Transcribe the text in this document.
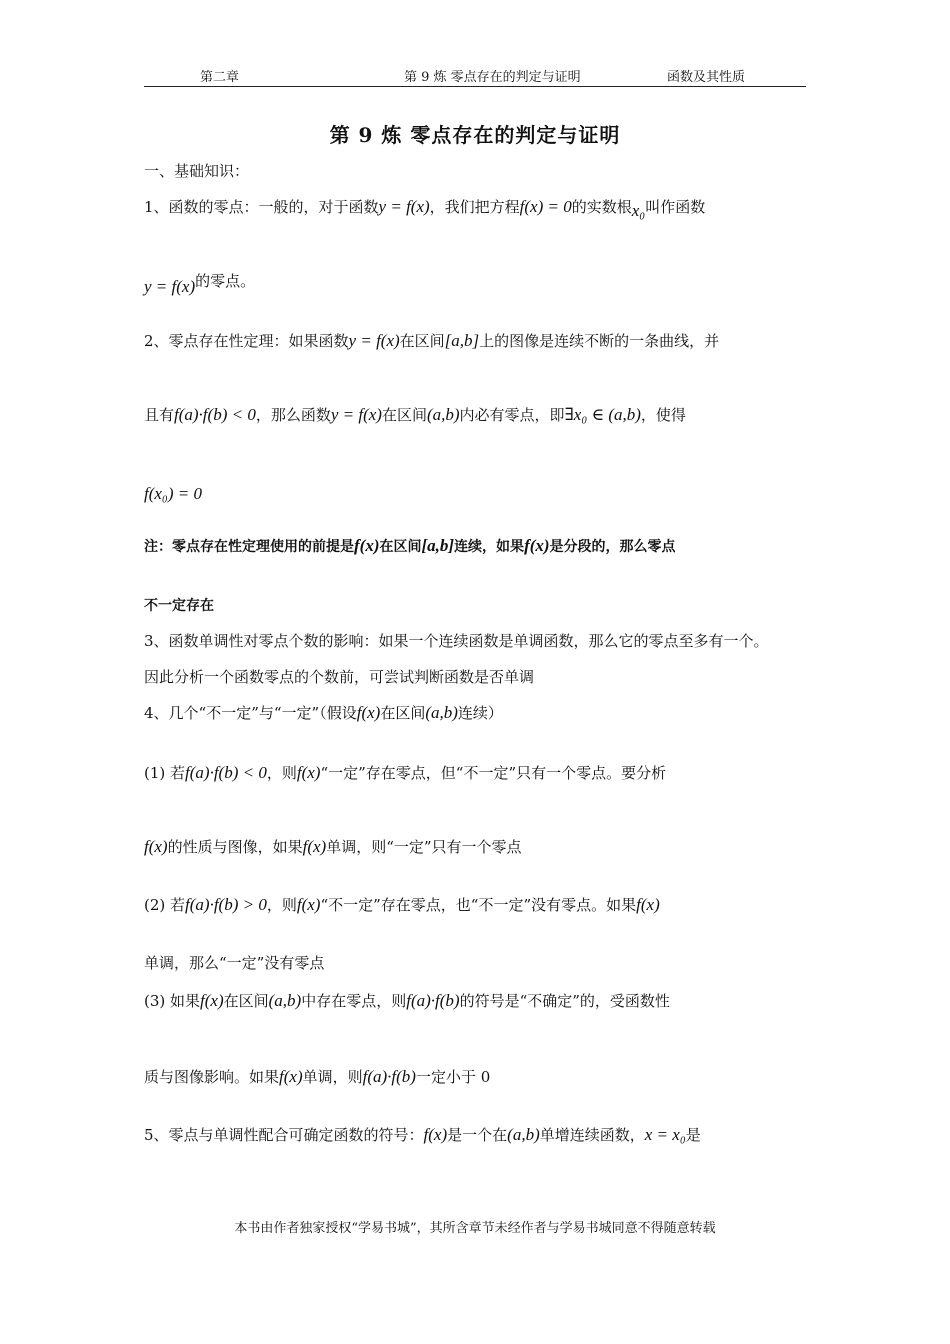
第二章	第 9 炼 零点存在的判定与证明	函数及其性质
第 9 炼 零点存在的判定与证明
一、基础知识：
1、函数的零点：一般的，对于函数y = f(x)，我们把方程f(x) = 0的实数根x₀叫作函数
y = f(x)的零点。
2、零点存在性定理：如果函数y = f(x)在区间[a,b]上的图像是连续不断的一条曲线，并
且有f(a)·f(b) < 0，那么函数y = f(x)在区间(a,b)内必有零点，即∃x₀ ∈ (a,b)，使得
f(x₀) = 0
注：零点存在性定理使用的前提是f(x)在区间[a,b]连续，如果f(x)是分段的，那么零点
不一定存在
3、函数单调性对零点个数的影响：如果一个连续函数是单调函数，那么它的零点至多有一个。
因此分析一个函数零点的个数前，可尝试判断函数是否单调
4、几个“不一定”与“一定”（假设f(x)在区间(a,b)连续）
(1) 若f(a)·f(b) < 0，则f(x)“一定”存在零点，但“不一定”只有一个零点。要分析
f(x)的性质与图像，如果f(x)单调，则“一定”只有一个零点
(2) 若f(a)·f(b) > 0，则f(x)“不一定”存在零点，也“不一定”没有零点。如果f(x)
单调，那么“一定”没有零点
(3) 如果f(x)在区间(a,b)中存在零点，则f(a)·f(b)的符号是“不确定”的，受函数性
质与图像影响。如果f(x)单调，则f(a)·f(b)一定小于 0
5、零点与单调性配合可确定函数的符号：f(x)是一个在(a,b)单增连续函数，x = x₀是
本书由作者独家授权“学易书城”，其所含章节未经作者与学易书城同意不得随意转载
